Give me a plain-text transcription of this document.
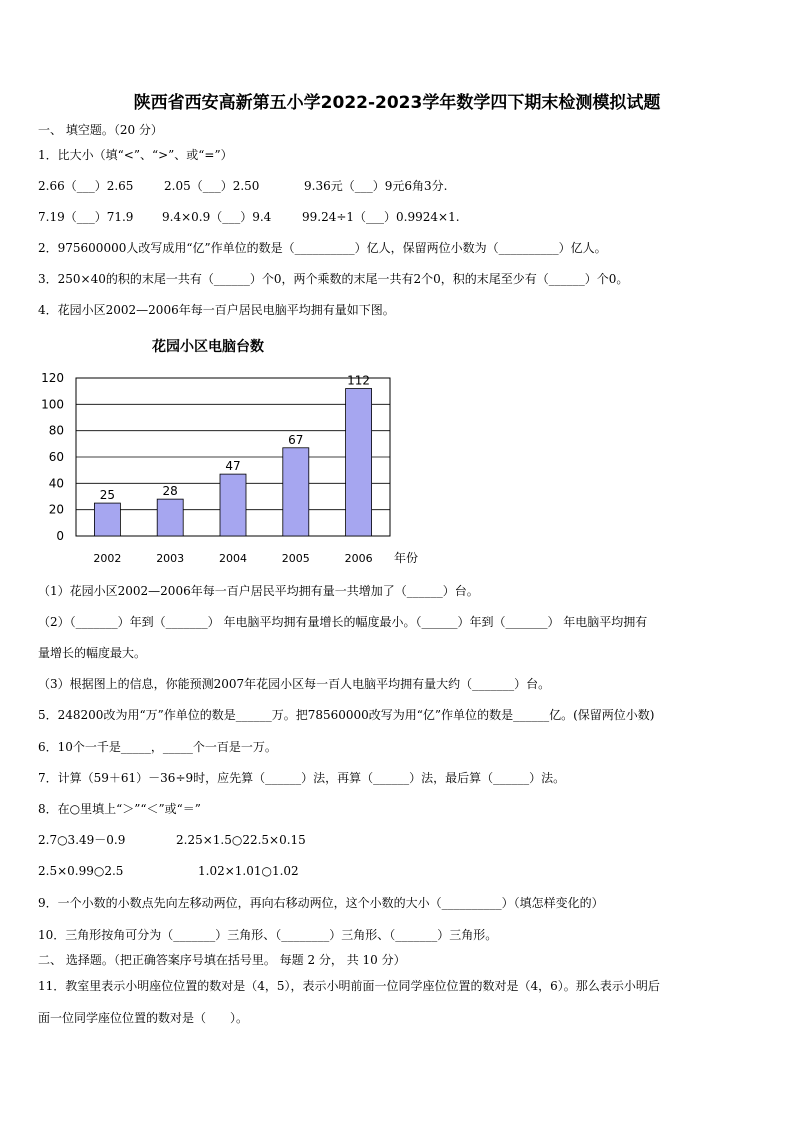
陕西省西安高新第五小学2022-2023学年数学四下期末检测模拟试题
一、 填空题。（20 分）
1．比大小（填“<”、“>”、或“=”）
2.66（___）2.65	2.05（___）2.50	9.36元（___）9元6角3分.
7.19（___）71.9 9.4×0.9（___）9.4	99.24÷1（___）0.9924×1.
2．975600000人改写成用“亿”作单位的数是（__________）亿人，保留两位小数为（__________）亿人。
3．250×40的积的末尾一共有（______）个0，两个乘数的末尾一共有2个0，积的末尾至少有（______）个0。
4．花园小区2002—2006年每一百户居民电脑平均拥有量如下图。
花园小区电脑台数
0
20
40
60
80
100
120
25
2002
28
2003
47
2004
67
2005
112
2006 年份
（1）花园小区2002—2006年每一百户居民平均拥有量一共增加了（______）台。
（2）（_______）年到（_______） 年电脑平均拥有量增长的幅度最小。（______）年到（_______） 年电脑平均拥有
量增长的幅度最大。
（3）根据图上的信息，你能预测2007年花园小区每一百人电脑平均拥有量大约（_______）台。
5．248200改为用“万”作单位的数是______万。把78560000改写为用“亿”作单位的数是______亿。(保留两位小数)
6．10个一千是_____，_____个一百是一万。
7．计算（59＋61）－36÷9时，应先算（______）法，再算（______）法，最后算（______）法。
8．在○里填上“＞”“＜”或“＝”
2.7○3.49－0.9	2.25×1.5○22.5×0.15
2.5×0.99○2.5	1.02×1.01○1.02
9．一个小数的小数点先向左移动两位，再向右移动两位，这个小数的大小（__________）（填怎样变化的）
10．三角形按角可分为（_______）三角形、（________）三角形、（_______）三角形。
二、 选择题。（把正确答案序号填在括号里。 每题 2 分， 共 10 分）
11．教室里表示小明座位位置的数对是（4，5），表示小明前面一位同学座位位置的数对是（4，6）。那么表示小明后
面一位同学座位位置的数对是（　　）。
